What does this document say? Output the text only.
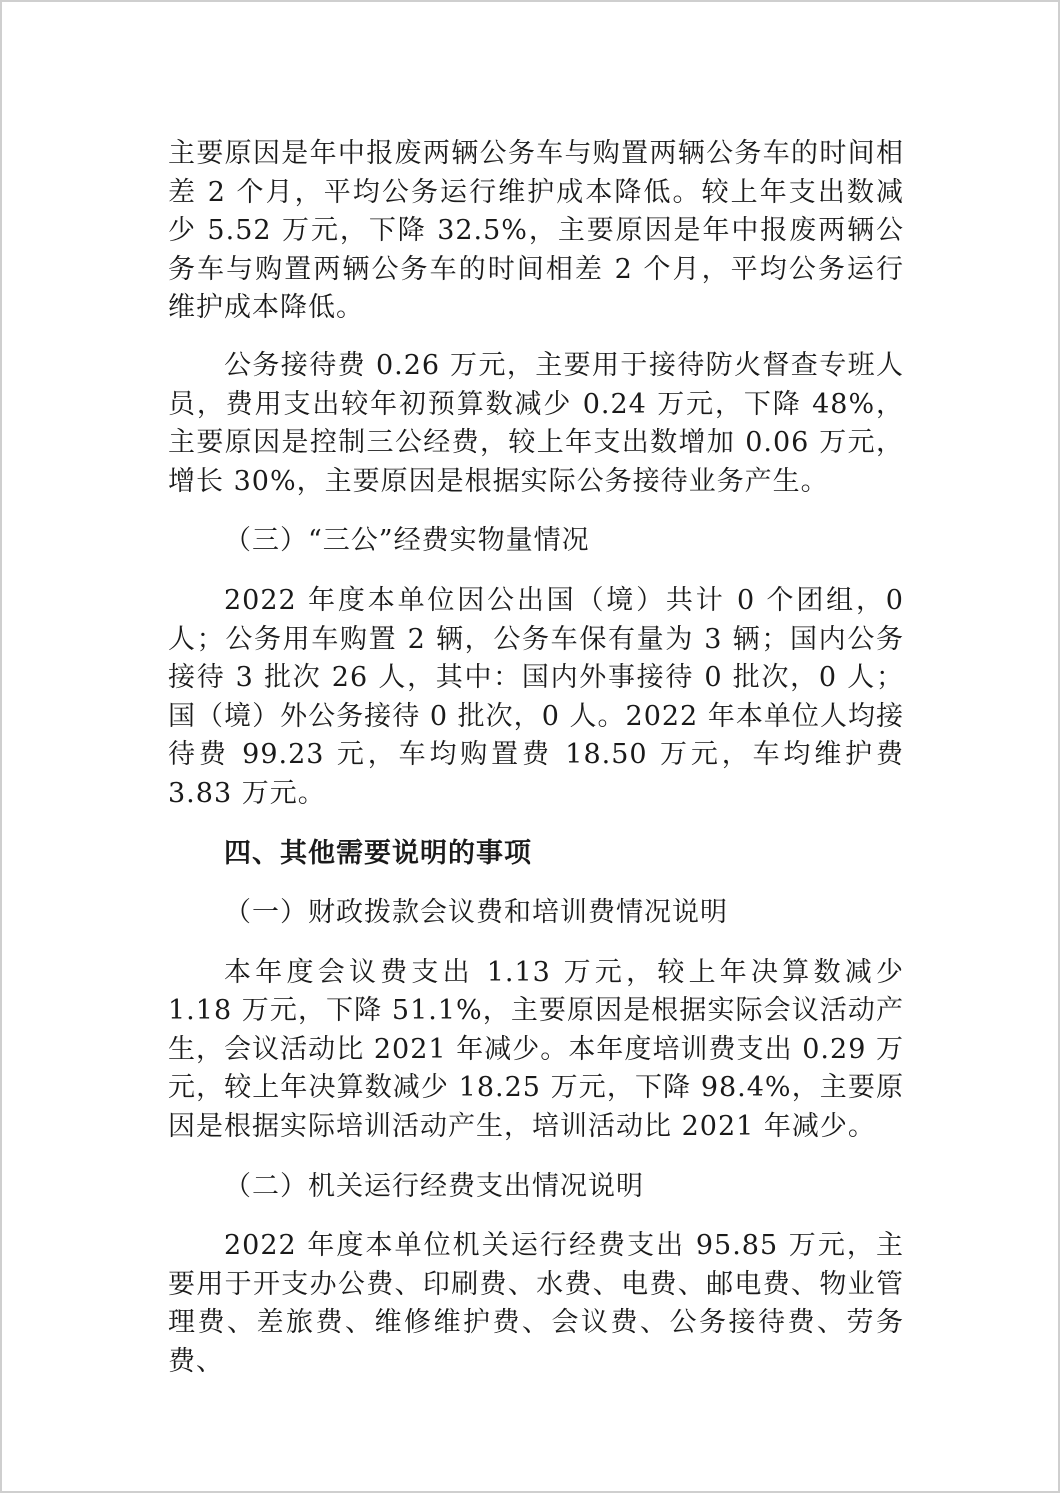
主要原因是年中报废两辆公务车与购置两辆公务车的时间相差 2 个月，平均公务运行维护成本降低。较上年支出数减少 5.52 万元，下降 32.5%，主要原因是年中报废两辆公务车与购置两辆公务车的时间相差 2 个月，平均公务运行维护成本降低。

公务接待费 0.26 万元，主要用于接待防火督查专班人员，费用支出较年初预算数减少 0.24 万元，下降 48%，主要原因是控制三公经费，较上年支出数增加 0.06 万元，增长 30%，主要原因是根据实际公务接待业务产生。

（三）“三公”经费实物量情况

2022 年度本单位因公出国（境）共计 0 个团组，0 人；公务用车购置 2 辆，公务车保有量为 3 辆；国内公务接待 3 批次 26 人，其中：国内外事接待 0 批次，0 人；国（境）外公务接待 0 批次，0 人。2022 年本单位人均接待费 99.23 元，车均购置费 18.50 万元，车均维护费 3.83 万元。

四、其他需要说明的事项

（一）财政拨款会议费和培训费情况说明

本年度会议费支出 1.13 万元，较上年决算数减少 1.18 万元，下降 51.1%，主要原因是根据实际会议活动产生，会议活动比 2021 年减少。本年度培训费支出 0.29 万元，较上年决算数减少 18.25 万元，下降 98.4%，主要原因是根据实际培训活动产生，培训活动比 2021 年减少。

（二）机关运行经费支出情况说明

2022 年度本单位机关运行经费支出 95.85 万元，主要用于开支办公费、印刷费、水费、电费、邮电费、物业管理费、差旅费、维修维护费、会议费、公务接待费、劳务费、
